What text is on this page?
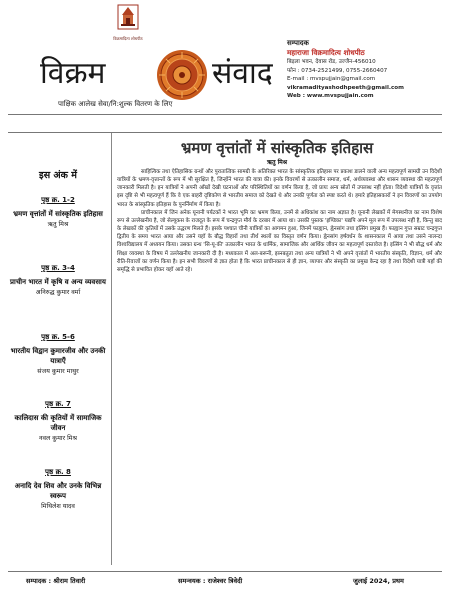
विक्रमादित्य शोधपीठ
विक्रम	संवाद
पाक्षिक आलेख सेवा/नि:शुल्क वितरण के लिए
सम्पादक
महाराजा विक्रमादित्य शोधपीठ
बिड़ला भवन, देवास रोड, उज्जैन-456010
फोन : 0734-2521499, 0755-2660407
E-mail : mvspujjain@gmail.com
vikramadityashodhpeeth@gmail.com
Web : www.mvspujjain.com
इस अंक में
पृष्ठ क्र. 1-2
भ्रमण वृत्तांतों में सांस्कृतिक इतिहास
ऋतु मिश्र
पृष्ठ क्र. 3-4
प्राचीन भारत में कृषि व अन्य व्यवसाय
अनिरुद्ध कुमार वर्मा
पृष्ठ क्र. 5-6
भारतीय विद्वान कुमारजीव और उनकी यात्राएँ
संजय कुमार माथुर
पृष्ठ क्र. 7
कालिदास की कृतियों में सामाजिक जीवन
नवल कुमार मिश्र
पृष्ठ क्र. 8
अनादि देव शिव और उनके विभिन्न स्वरूप
मिथिलेश यादव
भ्रमण वृत्तांतों में सांस्कृतिक इतिहास
ऋतु मिश्र

साहित्यिक तथा ऐतिहासिक ग्रन्थों और पुरातात्विक सामग्री के अतिरिक्त भारत के सांस्कृतिक इतिहास पर प्रकाश डालने वाली अन्य महत्वपूर्ण सामग्री उन विदेशी यात्रियों के भ्रमण-वृत्तान्तों के रूप में भी सुरक्षित है, जिन्होंने भारत की यात्रा की। इनके विवरणों से तत्कालीन समाज, धर्म, अर्थव्यवस्था और शासन व्यवस्था की महत्वपूर्ण जानकारी मिलती है। इन यात्रियों ने अपनी आँखों देखी घटनाओं और परिस्थितियों का वर्णन किया है, जो प्रायः अन्य स्रोतों में उपलब्ध नहीं होता। विदेशी यात्रियों के वृत्तांत इस दृष्टि से भी महत्वपूर्ण हैं कि वे एक बाहरी दृष्टिकोण से भारतीय समाज को देखते थे और उनकी पूर्णता को स्पष्ट करते थे। हमारे इतिहासकारों ने इन विवरणों का उपयोग भारत के सांस्कृतिक इतिहास के पुनर्निर्माण में किया है।

प्राचीनकाल में जिन अनेक यूनानी पर्यटकों ने भारत भूमि का भ्रमण किया, उनमें से अधिकांश का नाम अज्ञात है। यूनानी लेखकों में मेगस्थनीज का नाम विशेष रूप से उल्लेखनीय है, जो सेल्यूकस के राजदूत के रूप में चन्द्रगुप्त मौर्य के दरबार में आया था। उसकी पुस्तक 'इण्डिका' यद्यपि अपने मूल रूप में उपलब्ध नहीं है, किन्तु बाद के लेखकों की कृतियों में उसके उद्धरण मिलते हैं। इसके पश्चात चीनी यात्रियों का आगमन हुआ, जिनमें फाह्यान, ह्वेनसांग तथा इत्सिंग प्रमुख हैं। फाह्यान गुप्त सम्राट चन्द्रगुप्त द्वितीय के समय भारत आया और उसने यहाँ के बौद्ध विहारों तथा तीर्थ स्थलों का विस्तृत वर्णन किया। ह्वेनसांग हर्षवर्धन के शासनकाल में आया तथा उसने नालन्दा विश्वविद्यालय में अध्ययन किया। उसका ग्रन्थ 'सि-यू-की' तत्कालीन भारत के धार्मिक, सामाजिक और आर्थिक जीवन का महत्वपूर्ण दस्तावेज है। इत्सिंग ने भी बौद्ध धर्म और शिक्षा व्यवस्था के विषय में उल्लेखनीय जानकारी दी है। मध्यकाल में अल-बरूनी, इब्नबतूता तथा अन्य यात्रियों ने भी अपने वृत्तांतों में भारतीय संस्कृति, विज्ञान, धर्म और रीति-रिवाजों का वर्णन किया है। इन सभी विवरणों से ज्ञात होता है कि भारत प्राचीनकाल से ही ज्ञान, व्यापार और संस्कृति का प्रमुख केन्द्र रहा है तथा विदेशी यात्री यहाँ की समृद्धि से प्रभावित होकर यहाँ आते रहे।

सम्पादक : श्रीराम तिवारी	समन्वयक : राजेश्वर त्रिवेदी	जुलाई 2024, प्रथम
